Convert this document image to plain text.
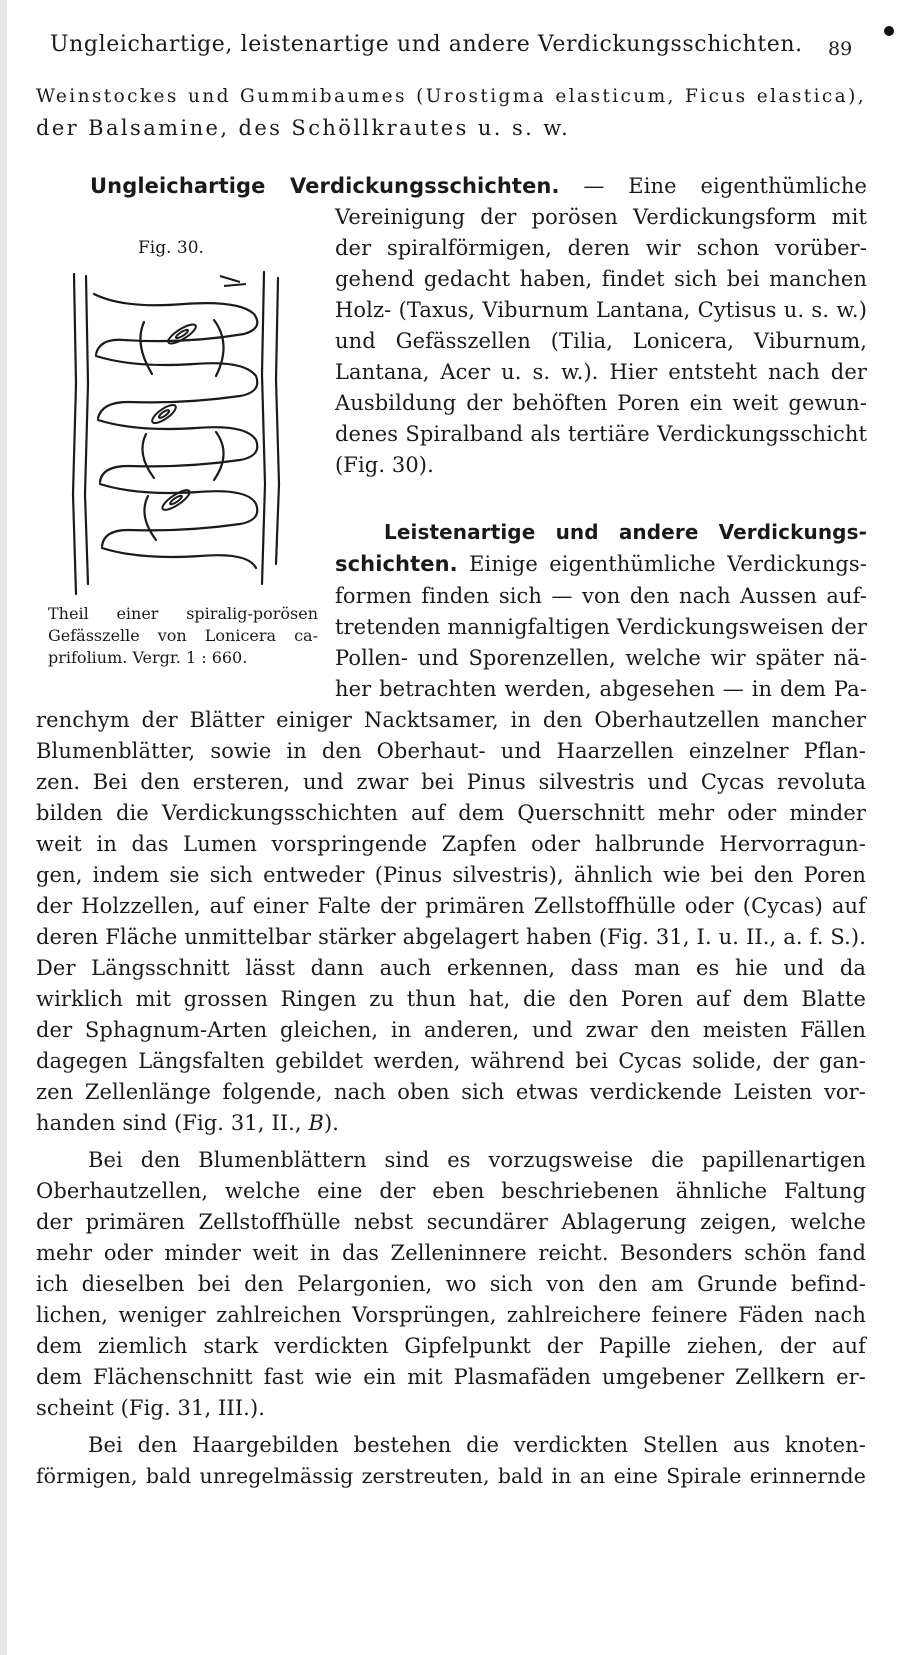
Ungleichartige, leistenartige und andere Verdickungsschichten.	89
Weinstockes und Gummibaumes (Urostigma elasticum, Ficus elastica),
der Balsamine, des Schöllkrautes u. s. w.
Ungleichartige Verdickungsschichten. — Eine eigenthümliche
Vereinigung der porösen Verdickungsform mit
der spiralförmigen, deren wir schon vorüber-
gehend gedacht haben, findet sich bei manchen
Holz- (Taxus, Viburnum Lantana, Cytisus u. s. w.)
und Gefässzellen (Tilia, Lonicera, Viburnum,
Lantana, Acer u. s. w.). Hier entsteht nach der
Ausbildung der behöften Poren ein weit gewun-
denes Spiralband als tertiäre Verdickungsschicht
(Fig. 30).
Fig. 30.
Theil einer spiralig-porösen
Gefässzelle von Lonicera ca-
prifolium. Vergr. 1 : 660.
Leistenartige und andere Verdickungs-
schichten. Einige eigenthümliche Verdickungs-
formen finden sich — von den nach Aussen auf-
tretenden mannigfaltigen Verdickungsweisen der
Pollen- und Sporenzellen, welche wir später nä-
her betrachten werden, abgesehen — in dem Pa-
renchym der Blätter einiger Nacktsamer, in den Oberhautzellen mancher
Blumenblätter, sowie in den Oberhaut- und Haarzellen einzelner Pflan-
zen. Bei den ersteren, und zwar bei Pinus silvestris und Cycas revoluta
bilden die Verdickungsschichten auf dem Querschnitt mehr oder minder
weit in das Lumen vorspringende Zapfen oder halbrunde Hervorragun-
gen, indem sie sich entweder (Pinus silvestris), ähnlich wie bei den Poren
der Holzzellen, auf einer Falte der primären Zellstoffhülle oder (Cycas) auf
deren Fläche unmittelbar stärker abgelagert haben (Fig. 31, I. u. II., a. f. S.).
Der Längsschnitt lässt dann auch erkennen, dass man es hie und da
wirklich mit grossen Ringen zu thun hat, die den Poren auf dem Blatte
der Sphagnum-Arten gleichen, in anderen, und zwar den meisten Fällen
dagegen Längsfalten gebildet werden, während bei Cycas solide, der gan-
zen Zellenlänge folgende, nach oben sich etwas verdickende Leisten vor-
handen sind (Fig. 31, II., B).
Bei den Blumenblättern sind es vorzugsweise die papillenartigen
Oberhautzellen, welche eine der eben beschriebenen ähnliche Faltung
der primären Zellstoffhülle nebst secundärer Ablagerung zeigen, welche
mehr oder minder weit in das Zelleninnere reicht. Besonders schön fand
ich dieselben bei den Pelargonien, wo sich von den am Grunde befind-
lichen, weniger zahlreichen Vorsprüngen, zahlreichere feinere Fäden nach
dem ziemlich stark verdickten Gipfelpunkt der Papille ziehen, der auf
dem Flächenschnitt fast wie ein mit Plasmafäden umgebener Zellkern er-
scheint (Fig. 31, III.).
Bei den Haargebilden bestehen die verdickten Stellen aus knoten-
förmigen, bald unregelmässig zerstreuten, bald in an eine Spirale erinnernde
